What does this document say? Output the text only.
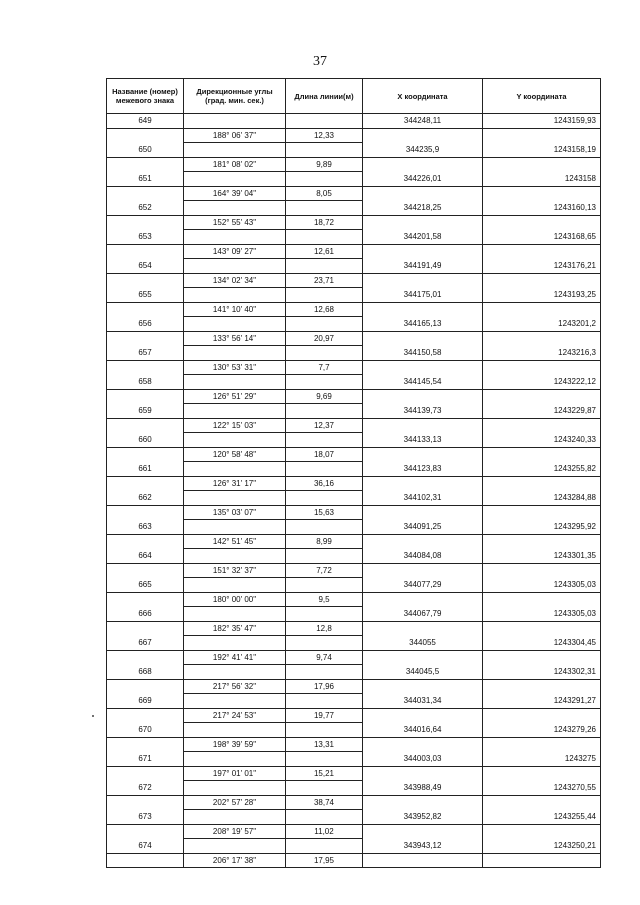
37
Название (номер) межевого знака	Дирекционные углы (град. мин. сек.)	Длина линии(м)	X координата	Y координата
649			344248,11	1243159,93
	188° 06' 37"	12,33		
650			344235,9	1243158,19
	181° 08' 02"	9,89		
651			344226,01	1243158
	164° 39' 04"	8,05		
652			344218,25	1243160,13
	152° 55' 43"	18,72		
653			344201,58	1243168,65
	143° 09' 27"	12,61		
654			344191,49	1243176,21
	134° 02' 34"	23,71		
655			344175,01	1243193,25
	141° 10' 40"	12,68		
656			344165,13	1243201,2
	133° 56' 14"	20,97		
657			344150,58	1243216,3
	130° 53' 31"	7,7		
658			344145,54	1243222,12
	126° 51' 29"	9,69		
659			344139,73	1243229,87
	122° 15' 03"	12,37		
660			344133,13	1243240,33
	120° 58' 48"	18,07		
661			344123,83	1243255,82
	126° 31' 17"	36,16		
662			344102,31	1243284,88
	135° 03' 07"	15,63		
663			344091,25	1243295,92
	142° 51' 45"	8,99		
664			344084,08	1243301,35
	151° 32' 37"	7,72		
665			344077,29	1243305,03
	180° 00' 00"	9,5		
666			344067,79	1243305,03
	182° 35' 47"	12,8		
667			344055	1243304,45
	192° 41' 41"	9,74		
668			344045,5	1243302,31
	217° 56' 32"	17,96		
669			344031,34	1243291,27
	217° 24' 53"	19,77		
670			344016,64	1243279,26
	198° 39' 59"	13,31		
671			344003,03	1243275
	197° 01' 01"	15,21		
672			343988,49	1243270,55
	202° 57' 28"	38,74		
673			343952,82	1243255,44
	208° 19' 57"	11,02		
674			343943,12	1243250,21
	206° 17' 38"	17,95		
